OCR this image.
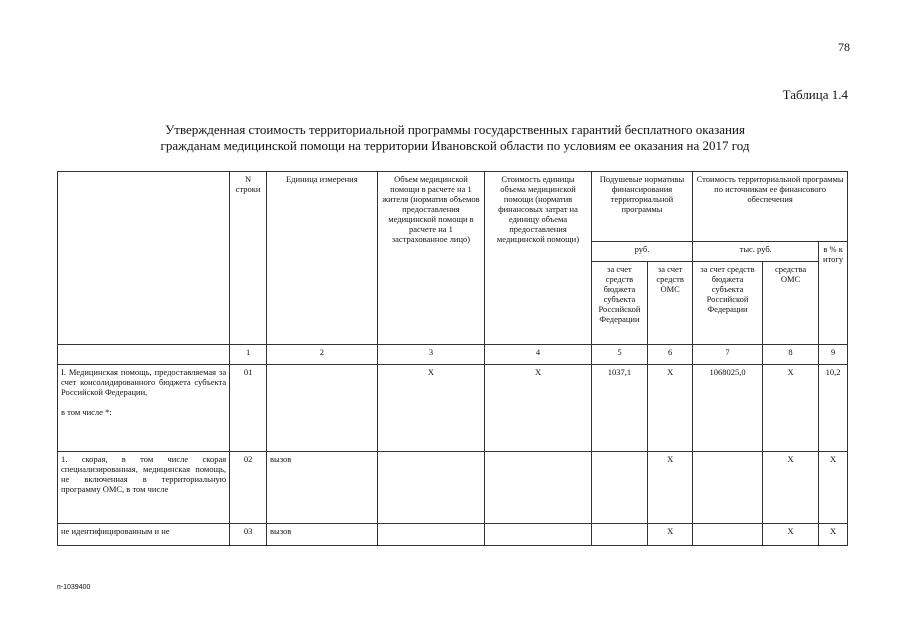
78
Таблица 1.4
Утвержденная стоимость территориальной программы государственных гарантий бесплатного оказания
гражданам медицинской помощи на территории Ивановской области по условиям ее оказания на 2017 год
	N строки	Единица измерения	Объем медицинской помощи в расчете на 1 жителя (норматив объемов предоставления медицинской помощи в расчете на 1 застрахованное лицо)	Стоимость единицы объема медицинской помощи (норматив финансовых затрат на единицу объема предоставления медицинской помощи)	Подушевые нормативы финансирования территориальной программы		Стоимость территориальной программы по источникам ее финансового обеспечения		
					руб.		тыс. руб.		в % к итогу
					за счет средств бюджета субъекта Российской Федерации	за счет средств ОМС	за счет средств бюджета субъекта Российской Федерации	средства ОМС	
	1	2	3	4	5	6	7	8	9

I. Медицинская помощь, предоставляемая за счет консолидированного бюджета субъекта Российской Федерации,
в том числе *:	01		X	X	1037,1	X	1068025,0	X	10,2
1. скорая, в том числе скорая специализированная, медицинская помощь, не включенная в территориальную программу ОМС, в том числе	02	вызов				X		X	X
не идентифицированным и не	03	вызов				X		X	X
п-1039400
